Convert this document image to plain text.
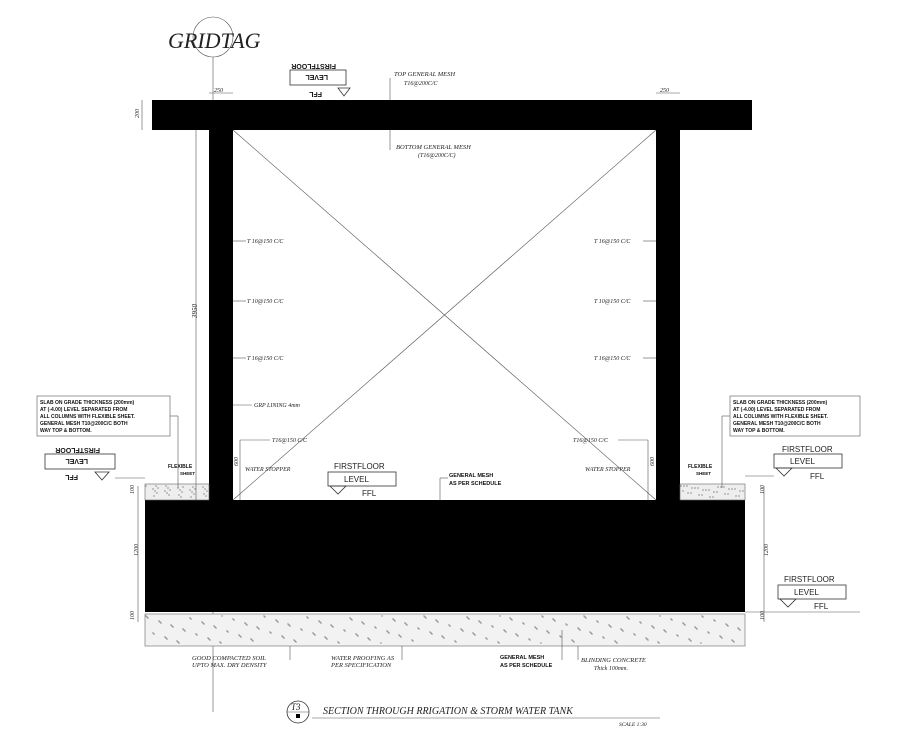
GRIDTAG
FIRSTFLOOR
LEVEL
FFL
TOP GENERAL MESH
T16@200C/C
BOTTOM GENERAL MESH
(T16@200C/C)
250	250
200
3950
T 16@150 C/C
T 10@150 C/C
T 16@150 C/C
GRP LINING 4mm
T16@150 C/C
T 16@150 C/C
T 10@150 C/C
T 16@150 C/C
T16@150 C/C
WATER STOPPER
600
WATER STOPPER
600
FIRSTFLOOR
LEVEL
FFL
GENERAL MESH
AS PER SCHEDULE
SLAB ON GRADE THICKNESS (200mm)
AT (-4.00) LEVEL SEPARATED FROM
ALL COLUMNS WITH FLEXIBLE SHEET.
GENERAL MESH T10@200C/C BOTH
WAY TOP & BOTTOM.
FIRSTFLOOR
LEVEL
FFL
FLEXIBLE
SHEET
SLAB ON GRADE THICKNESS (200mm)
AT (-4.00) LEVEL SEPARATED FROM
ALL COLUMNS WITH FLEXIBLE SHEET.
GENERAL MESH T10@200C/C BOTH
WAY TOP & BOTTOM.
FLEXIBLE
SHEET
FIRSTFLOOR
LEVEL
FFL
100
1200
100
100
1200
100
FIRSTFLOOR
LEVEL
FFL
GOOD COMPACTED SOIL
UPTO MAX. DRY DENSITY
WATER PROOFING AS
PER SPECIFICATION
GENERAL MESH
AS PER SCHEDULE
BLINDING CONCRETE
Thick 100mm.
T3 SECTION THROUGH RRIGATION & STORM WATER TANK
SCALE 1:30
